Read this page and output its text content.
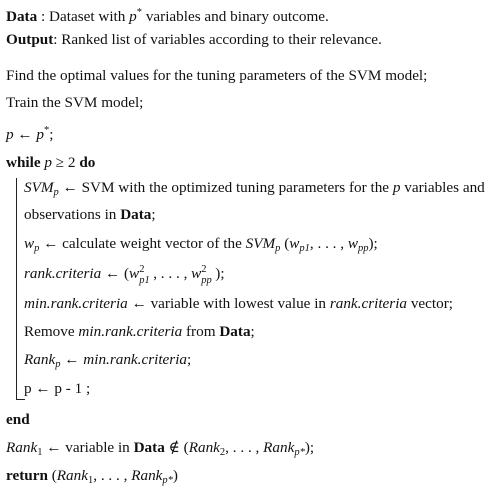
Data : Dataset with p* variables and binary outcome.
Output: Ranked list of variables according to their relevance.
Find the optimal values for the tuning parameters of the SVM model;
Train the SVM model;
p ← p*;
while p ≥ 2 do
$SVM_p$ ← SVM with the optimized tuning parameters for the p variables and
observations in Data;
$w_p$ ← calculate weight vector of the $SVM_p$ ($w_{p1}$, . . . , $w_{pp}$);
rank.criteria ← (w 2
p1 , . . . , w 2
pp );
min.rank.criteria ← variable with lowest value in rank.criteria vector;
Remove min.rank.criteria from Data;
Rank$_p$ ← min.rank.criteria;
p ← p - 1 ;
end
Rank$_1$ ← variable in Data ∉ (Rank$_2$, . . . , Rank$_{p*}$);
return (Rank$_1$, . . . , Rank$_{p*}$)
